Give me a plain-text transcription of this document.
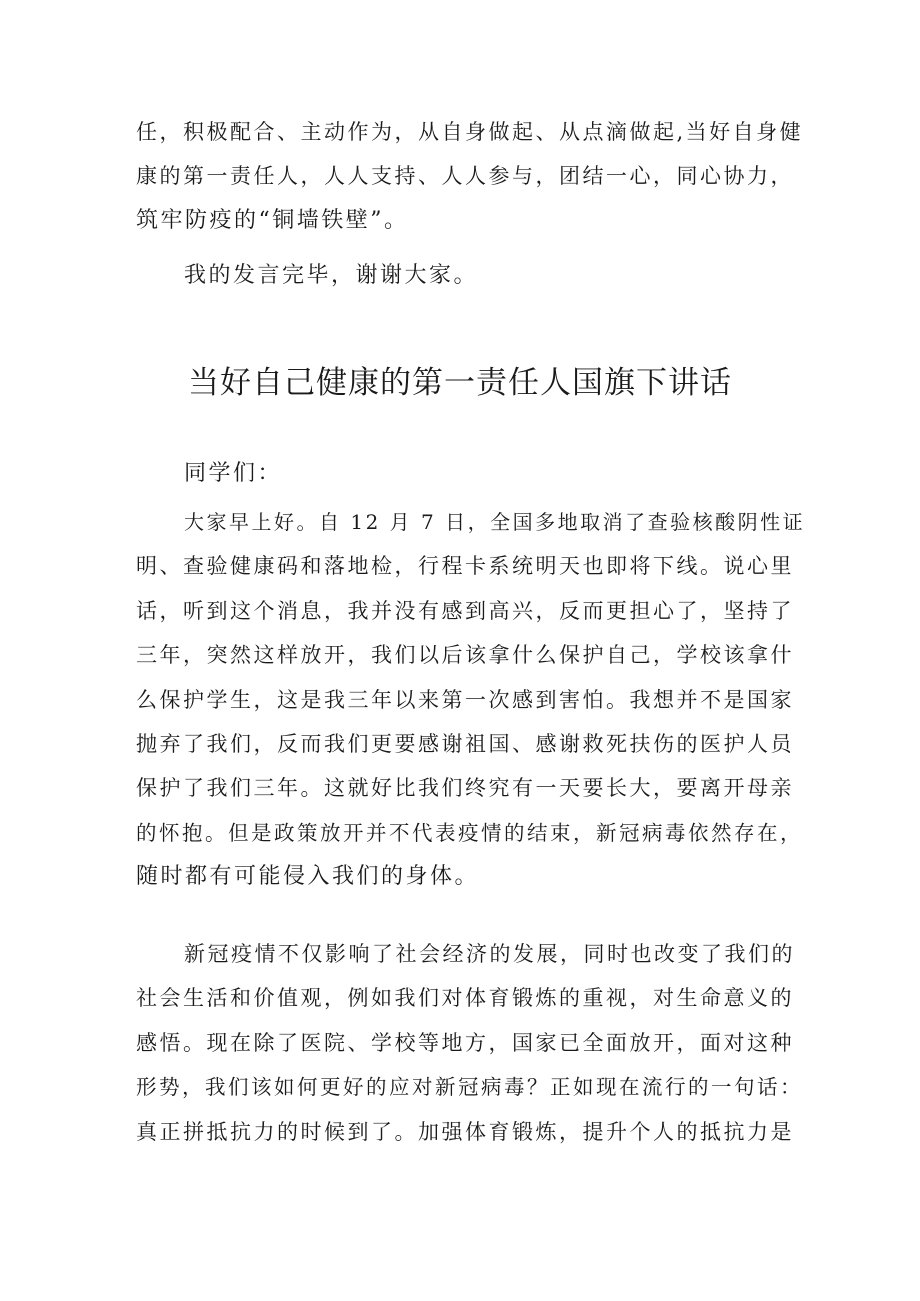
任，积极配合、主动作为，从自身做起、从点滴做起,当好自身健

康的第一责任人，人人支持、人人参与，团结一心，同心协力，

筑牢防疫的“铜墙铁壁”。

我的发言完毕，谢谢大家。

当好自己健康的第一责任人国旗下讲话

同学们：

大家早上好。自 12 月 7 日，全国多地取消了查验核酸阴性证

明、查验健康码和落地检，行程卡系统明天也即将下线。说心里

话，听到这个消息，我并没有感到高兴，反而更担心了，坚持了

三年，突然这样放开，我们以后该拿什么保护自己，学校该拿什

么保护学生，这是我三年以来第一次感到害怕。我想并不是国家

抛弃了我们，反而我们更要感谢祖国、感谢救死扶伤的医护人员

保护了我们三年。这就好比我们终究有一天要长大，要离开母亲

的怀抱。但是政策放开并不代表疫情的结束，新冠病毒依然存在，

随时都有可能侵入我们的身体。

新冠疫情不仅影响了社会经济的发展，同时也改变了我们的

社会生活和价值观，例如我们对体育锻炼的重视，对生命意义的

感悟。现在除了医院、学校等地方，国家已全面放开，面对这种

形势，我们该如何更好的应对新冠病毒？正如现在流行的一句话：

真正拼抵抗力的时候到了。加强体育锻炼，提升个人的抵抗力是
